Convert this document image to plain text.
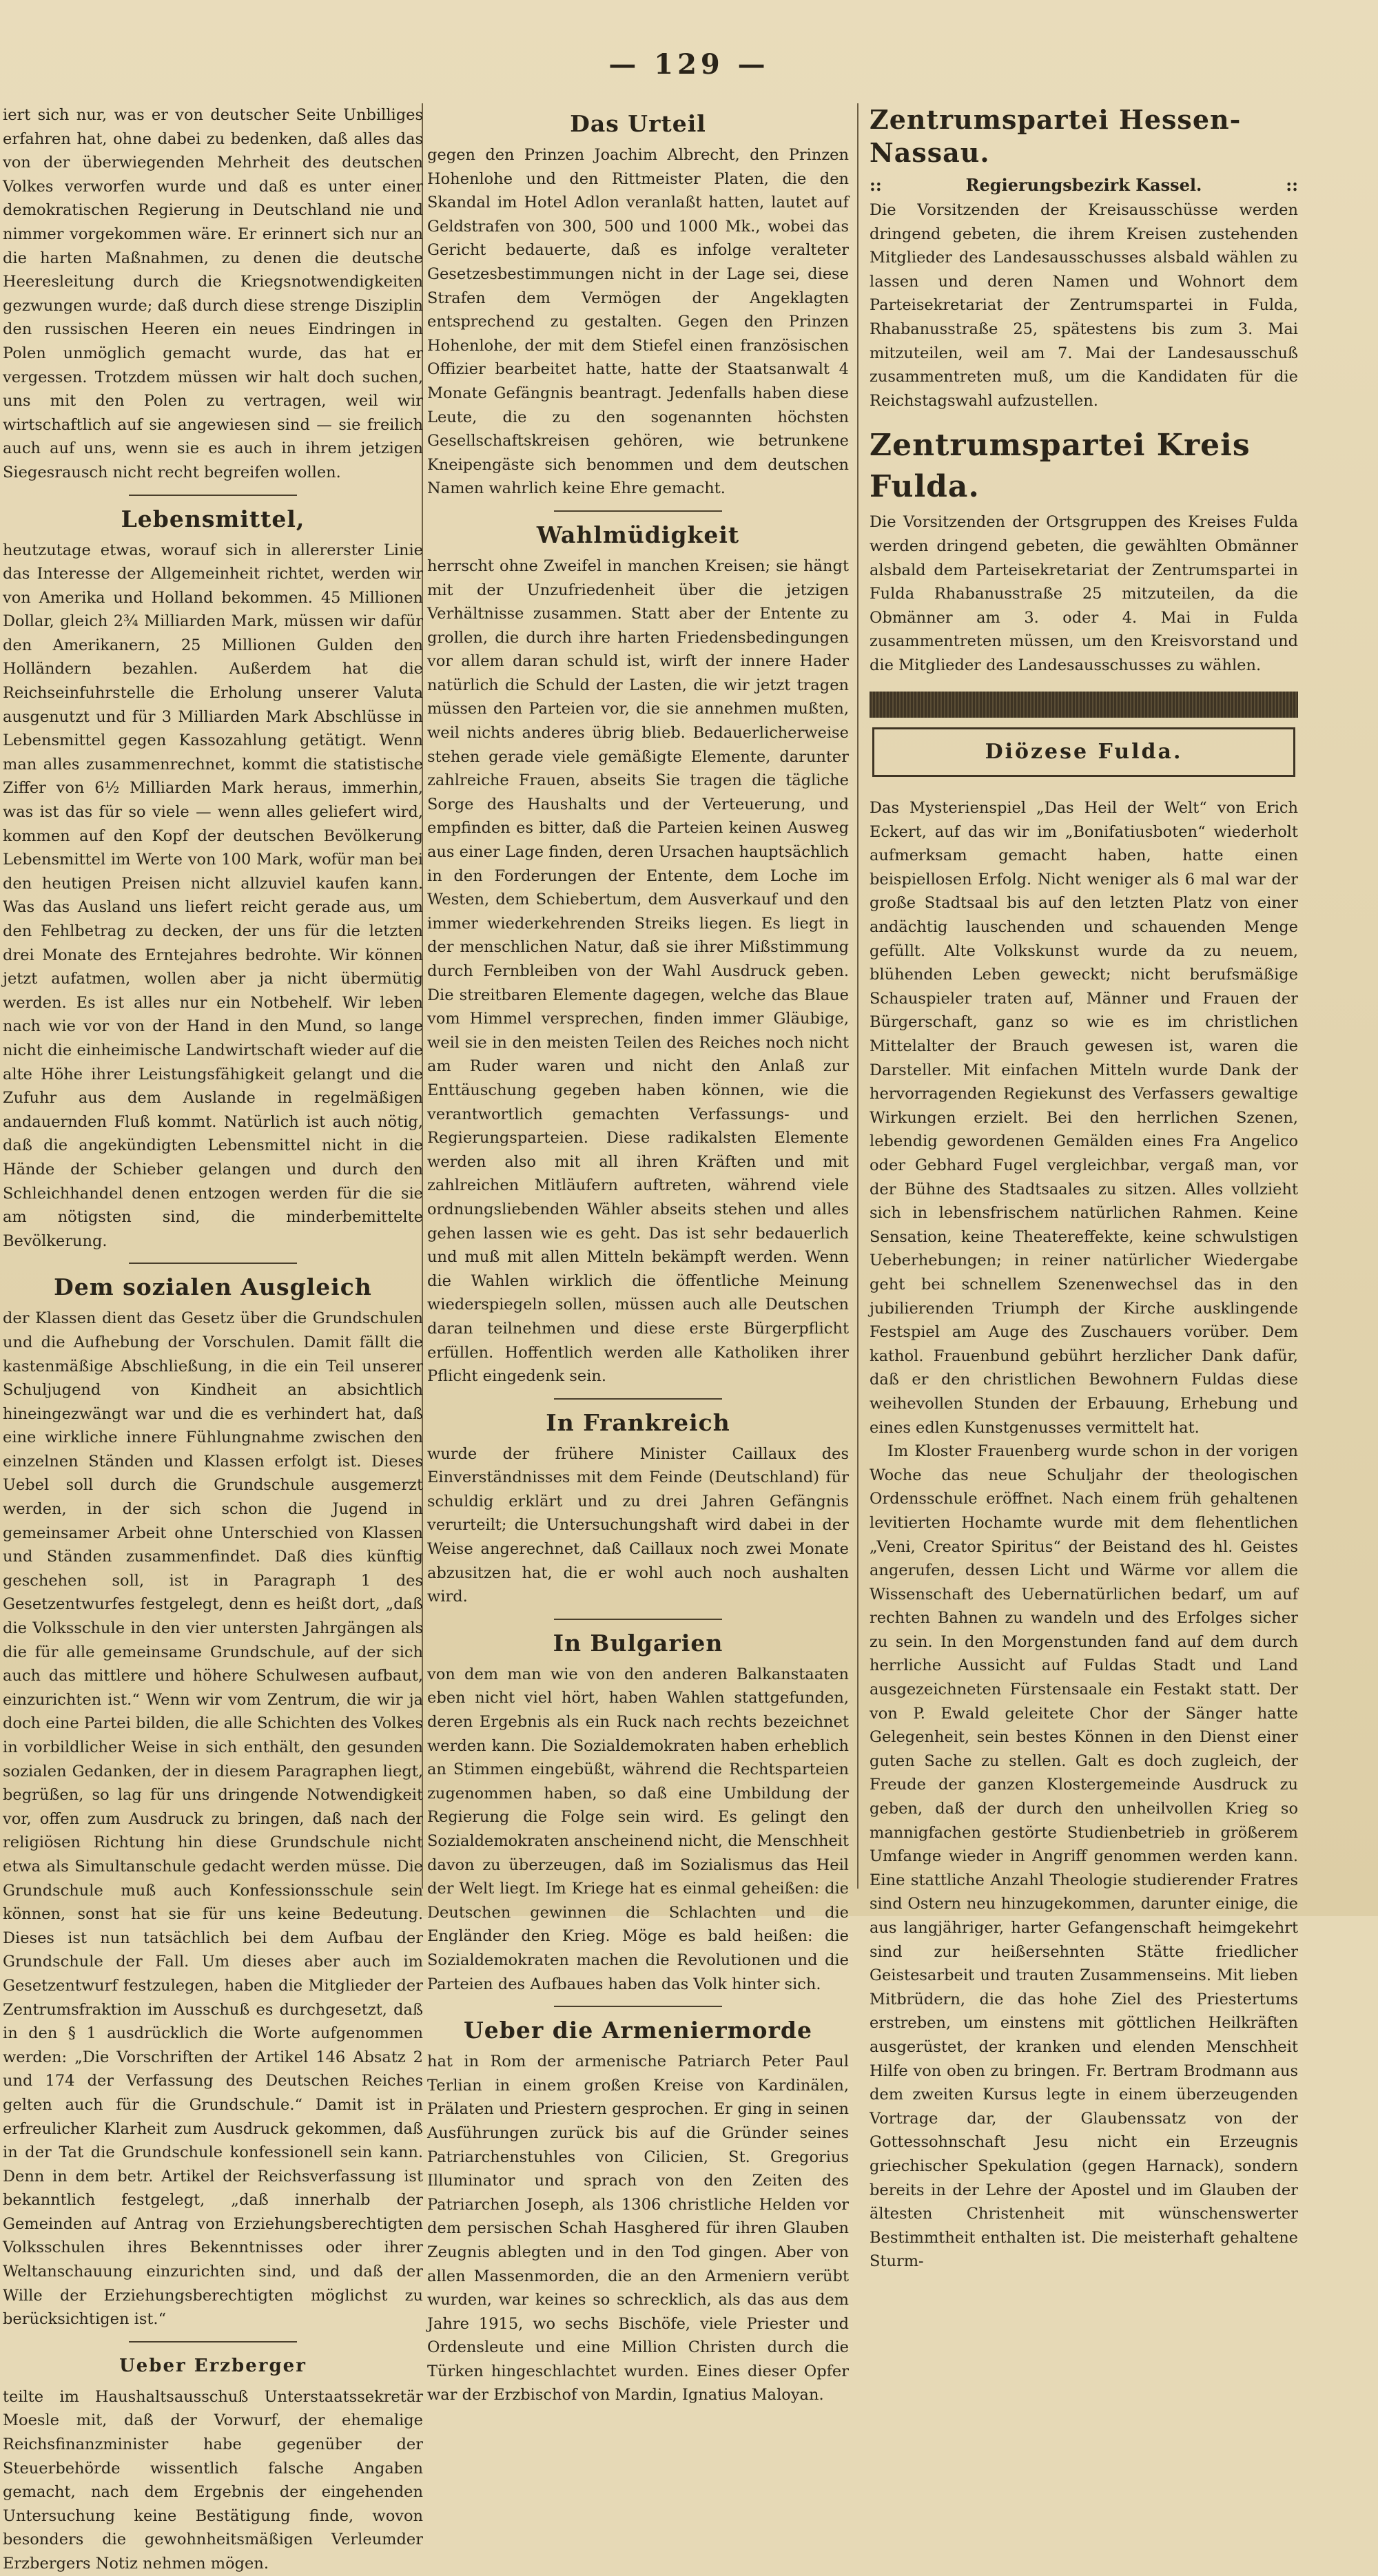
— 129 —

iert sich nur, was er von deutscher Seite Unbilliges erfahren hat, ohne dabei zu bedenken, daß alles das von der überwiegenden Mehrheit des deutschen Volkes verworfen wurde und daß es unter einer demokratischen Regierung in Deutschland nie und nimmer vorgekommen wäre. Er erinnert sich nur an die harten Maßnahmen, zu denen die deutsche Heeresleitung durch die Kriegsnotwendigkeiten gezwungen wurde; daß durch diese strenge Disziplin den russischen Heeren ein neues Eindringen in Polen unmöglich gemacht wurde, das hat er vergessen. Trotzdem müssen wir halt doch suchen, uns mit den Polen zu vertragen, weil wir wirtschaftlich auf sie angewiesen sind — sie freilich auch auf uns, wenn sie es auch in ihrem jetzigen Siegesrausch nicht recht begreifen wollen.

Lebensmittel,

heutzutage etwas, worauf sich in allererster Linie das Interesse der Allgemeinheit richtet, werden wir von Amerika und Holland bekommen. 45 Millionen Dollar, gleich 2¾ Milliarden Mark, müssen wir dafür den Amerikanern, 25 Millionen Gulden den Holländern bezahlen. Außerdem hat die Reichseinfuhrstelle die Erholung unserer Valuta ausgenutzt und für 3 Milliarden Mark Abschlüsse in Lebensmittel gegen Kassozahlung getätigt. Wenn man alles zusammenrechnet, kommt die statistische Ziffer von 6½ Milliarden Mark heraus, immerhin, was ist das für so viele — wenn alles geliefert wird, kommen auf den Kopf der deutschen Bevölkerung Lebensmittel im Werte von 100 Mark, wofür man bei den heutigen Preisen nicht allzuviel kaufen kann. Was das Ausland uns liefert reicht gerade aus, um den Fehlbetrag zu decken, der uns für die letzten drei Monate des Erntejahres bedrohte. Wir können jetzt aufatmen, wollen aber ja nicht übermütig werden. Es ist alles nur ein Notbehelf. Wir leben nach wie vor von der Hand in den Mund, so lange nicht die einheimische Landwirtschaft wieder auf die alte Höhe ihrer Leistungsfähigkeit gelangt und die Zufuhr aus dem Auslande in regelmäßigen andauernden Fluß kommt. Natürlich ist auch nötig, daß die angekündigten Lebensmittel nicht in die Hände der Schieber gelangen und durch den Schleichhandel denen entzogen werden für die sie am nötigsten sind, die minderbemittelte Bevölkerung.

Dem sozialen Ausgleich

der Klassen dient das Gesetz über die Grundschulen und die Aufhebung der Vorschulen. Damit fällt die kastenmäßige Abschließung, in die ein Teil unserer Schuljugend von Kindheit an absichtlich hineingezwängt war und die es verhindert hat, daß eine wirkliche innere Fühlungnahme zwischen den einzelnen Ständen und Klassen erfolgt ist. Dieses Uebel soll durch die Grundschule ausgemerzt werden, in der sich schon die Jugend in gemeinsamer Arbeit ohne Unterschied von Klassen und Ständen zusammenfindet. Daß dies künftig geschehen soll, ist in Paragraph 1 des Gesetzentwurfes festgelegt, denn es heißt dort, „daß die Volksschule in den vier untersten Jahrgängen als die für alle gemeinsame Grundschule, auf der sich auch das mittlere und höhere Schulwesen aufbaut, einzurichten ist.“ Wenn wir vom Zentrum, die wir ja doch eine Partei bilden, die alle Schichten des Volkes in vorbildlicher Weise in sich enthält, den gesunden sozialen Gedanken, der in diesem Paragraphen liegt, begrüßen, so lag für uns dringende Notwendigkeit vor, offen zum Ausdruck zu bringen, daß nach der religiösen Richtung hin diese Grundschule nicht etwa als Simultanschule gedacht werden müsse. Die Grundschule muß auch Konfessionsschule sein können, sonst hat sie für uns keine Bedeutung. Dieses ist nun tatsächlich bei dem Aufbau der Grundschule der Fall. Um dieses aber auch im Gesetzentwurf festzulegen, haben die Mitglieder der Zentrumsfraktion im Ausschuß es durchgesetzt, daß in den § 1 ausdrücklich die Worte aufgenommen werden: „Die Vorschriften der Artikel 146 Absatz 2 und 174 der Verfassung des Deutschen Reiches gelten auch für die Grundschule.“ Damit ist in erfreulicher Klarheit zum Ausdruck gekommen, daß in der Tat die Grundschule konfessionell sein kann. Denn in dem betr. Artikel der Reichsverfassung ist bekanntlich festgelegt, „daß innerhalb der Gemeinden auf Antrag von Erziehungsberechtigten Volksschulen ihres Bekenntnisses oder ihrer Weltanschauung einzurichten sind, und daß der Wille der Erziehungsberechtigten möglichst zu berücksichtigen ist.“

Ueber Erzberger

teilte im Haushaltsausschuß Unterstaatssekretär Moesle mit, daß der Vorwurf, der ehemalige Reichsfinanzminister habe gegenüber der Steuerbehörde wissentlich falsche Angaben gemacht, nach dem Ergebnis der eingehenden Untersuchung keine Bestätigung finde, wovon besonders die gewohnheitsmäßigen Verleumder Erzbergers Notiz nehmen mögen.

Das Urteil

gegen den Prinzen Joachim Albrecht, den Prinzen Hohenlohe und den Rittmeister Platen, die den Skandal im Hotel Adlon veranlaßt hatten, lautet auf Geldstrafen von 300, 500 und 1000 Mk., wobei das Gericht bedauerte, daß es infolge veralteter Gesetzesbestimmungen nicht in der Lage sei, diese Strafen dem Vermögen der Angeklagten entsprechend zu gestalten. Gegen den Prinzen Hohenlohe, der mit dem Stiefel einen französischen Offizier bearbeitet hatte, hatte der Staatsanwalt 4 Monate Gefängnis beantragt. Jedenfalls haben diese Leute, die zu den sogenannten höchsten Gesellschaftskreisen gehören, wie betrunkene Kneipengäste sich benommen und dem deutschen Namen wahrlich keine Ehre gemacht.

Wahlmüdigkeit

herrscht ohne Zweifel in manchen Kreisen; sie hängt mit der Unzufriedenheit über die jetzigen Verhältnisse zusammen. Statt aber der Entente zu grollen, die durch ihre harten Friedensbedingungen vor allem daran schuld ist, wirft der innere Hader natürlich die Schuld der Lasten, die wir jetzt tragen müssen den Parteien vor, die sie annehmen mußten, weil nichts anderes übrig blieb. Bedauerlicherweise stehen gerade viele gemäßigte Elemente, darunter zahlreiche Frauen, abseits Sie tragen die tägliche Sorge des Haushalts und der Verteuerung, und empfinden es bitter, daß die Parteien keinen Ausweg aus einer Lage finden, deren Ursachen hauptsächlich in den Forderungen der Entente, dem Loche im Westen, dem Schiebertum, dem Ausverkauf und den immer wiederkehrenden Streiks liegen. Es liegt in der menschlichen Natur, daß sie ihrer Mißstimmung durch Fernbleiben von der Wahl Ausdruck geben. Die streitbaren Elemente dagegen, welche das Blaue vom Himmel versprechen, finden immer Gläubige, weil sie in den meisten Teilen des Reiches noch nicht am Ruder waren und nicht den Anlaß zur Enttäuschung gegeben haben können, wie die verantwortlich gemachten Verfassungs- und Regierungsparteien. Diese radikalsten Elemente werden also mit all ihren Kräften und mit zahlreichen Mitläufern auftreten, während viele ordnungsliebenden Wähler abseits stehen und alles gehen lassen wie es geht. Das ist sehr bedauerlich und muß mit allen Mitteln bekämpft werden. Wenn die Wahlen wirklich die öffentliche Meinung wiederspiegeln sollen, müssen auch alle Deutschen daran teilnehmen und diese erste Bürgerpflicht erfüllen. Hoffentlich werden alle Katholiken ihrer Pflicht eingedenk sein.

In Frankreich

wurde der frühere Minister Caillaux des Einverständnisses mit dem Feinde (Deutschland) für schuldig erklärt und zu drei Jahren Gefängnis verurteilt; die Untersuchungshaft wird dabei in der Weise angerechnet, daß Caillaux noch zwei Monate abzusitzen hat, die er wohl auch noch aushalten wird.

In Bulgarien

von dem man wie von den anderen Balkanstaaten eben nicht viel hört, haben Wahlen stattgefunden, deren Ergebnis als ein Ruck nach rechts bezeichnet werden kann. Die Sozialdemokraten haben erheblich an Stimmen eingebüßt, während die Rechtsparteien zugenommen haben, so daß eine Umbildung der Regierung die Folge sein wird. Es gelingt den Sozialdemokraten anscheinend nicht, die Menschheit davon zu überzeugen, daß im Sozialismus das Heil der Welt liegt. Im Kriege hat es einmal geheißen: die Deutschen gewinnen die Schlachten und die Engländer den Krieg. Möge es bald heißen: die Sozialdemokraten machen die Revolutionen und die Parteien des Aufbaues haben das Volk hinter sich.

Ueber die Armeniermorde

hat in Rom der armenische Patriarch Peter Paul Terlian in einem großen Kreise von Kardinälen, Prälaten und Priestern gesprochen. Er ging in seinen Ausführungen zurück bis auf die Gründer seines Patriarchenstuhles von Cilicien, St. Gregorius Illuminator und sprach von den Zeiten des Patriarchen Joseph, als 1306 christliche Helden vor dem persischen Schah Hasghered für ihren Glauben Zeugnis ablegten und in den Tod gingen. Aber von allen Massenmorden, die an den Armeniern verübt wurden, war keines so schrecklich, als das aus dem Jahre 1915, wo sechs Bischöfe, viele Priester und Ordensleute und eine Million Christen durch die Türken hingeschlachtet wurden. Eines dieser Opfer war der Erzbischof von Mardin, Ignatius Maloyan.

Zentrumspartei Hessen-Nassau.
::	Regierungsbezirk Kassel.	::

Die Vorsitzenden der Kreisausschüsse werden dringend gebeten, die ihrem Kreisen zustehenden Mitglieder des Landesausschusses alsbald wählen zu lassen und deren Namen und Wohnort dem Parteisekretariat der Zentrumspartei in Fulda, Rhabanusstraße 25, spätestens bis zum 3. Mai mitzuteilen, weil am 7. Mai der Landesausschuß zusammentreten muß, um die Kandidaten für die Reichstagswahl aufzustellen.

Zentrumspartei Kreis Fulda.

Die Vorsitzenden der Ortsgruppen des Kreises Fulda werden dringend gebeten, die gewählten Obmänner alsbald dem Parteisekretariat der Zentrumspartei in Fulda Rhabanusstraße 25 mitzuteilen, da die Obmänner am 3. oder 4. Mai in Fulda zusammentreten müssen, um den Kreisvorstand und die Mitglieder des Landesausschusses zu wählen.

Diözese Fulda.

Das Mysterienspiel „Das Heil der Welt“ von Erich Eckert, auf das wir im „Bonifatiusboten“ wiederholt aufmerksam gemacht haben, hatte einen beispiellosen Erfolg. Nicht weniger als 6 mal war der große Stadtsaal bis auf den letzten Platz von einer andächtig lauschenden und schauenden Menge gefüllt. Alte Volkskunst wurde da zu neuem, blühenden Leben geweckt; nicht berufsmäßige Schauspieler traten auf, Männer und Frauen der Bürgerschaft, ganz so wie es im christlichen Mittelalter der Brauch gewesen ist, waren die Darsteller. Mit einfachen Mitteln wurde Dank der hervorragenden Regiekunst des Verfassers gewaltige Wirkungen erzielt. Bei den herrlichen Szenen, lebendig gewordenen Gemälden eines Fra Angelico oder Gebhard Fugel vergleichbar, vergaß man, vor der Bühne des Stadtsaales zu sitzen. Alles vollzieht sich in lebensfrischem natürlichen Rahmen. Keine Sensation, keine Theatereffekte, keine schwulstigen Ueberhebungen; in reiner natürlicher Wiedergabe geht bei schnellem Szenenwechsel das in den jubilierenden Triumph der Kirche ausklingende Festspiel am Auge des Zuschauers vorüber. Dem kathol. Frauenbund gebührt herzlicher Dank dafür, daß er den christlichen Bewohnern Fuldas diese weihevollen Stunden der Erbauung, Erhebung und eines edlen Kunstgenusses vermittelt hat.

Im Kloster Frauenberg wurde schon in der vorigen Woche das neue Schuljahr der theologischen Ordensschule eröffnet. Nach einem früh gehaltenen levitierten Hochamte wurde mit dem flehentlichen „Veni, Creator Spiritus“ der Beistand des hl. Geistes angerufen, dessen Licht und Wärme vor allem die Wissenschaft des Uebernatürlichen bedarf, um auf rechten Bahnen zu wandeln und des Erfolges sicher zu sein. In den Morgenstunden fand auf dem durch herrliche Aussicht auf Fuldas Stadt und Land ausgezeichneten Fürstensaale ein Festakt statt. Der von P. Ewald geleitete Chor der Sänger hatte Gelegenheit, sein bestes Können in den Dienst einer guten Sache zu stellen. Galt es doch zugleich, der Freude der ganzen Klostergemeinde Ausdruck zu geben, daß der durch den unheilvollen Krieg so mannigfachen gestörte Studienbetrieb in größerem Umfange wieder in Angriff genommen werden kann. Eine stattliche Anzahl Theologie studierender Fratres sind Ostern neu hinzugekommen, darunter einige, die aus langjähriger, harter Gefangenschaft heimgekehrt sind zur heißersehnten Stätte friedlicher Geistesarbeit und trauten Zusammenseins. Mit lieben Mitbrüdern, die das hohe Ziel des Priestertums erstreben, um einstens mit göttlichen Heilkräften ausgerüstet, der kranken und elenden Menschheit Hilfe von oben zu bringen. Fr. Bertram Brodmann aus dem zweiten Kursus legte in einem überzeugenden Vortrage dar, der Glaubenssatz von der Gottessohnschaft Jesu nicht ein Erzeugnis griechischer Spekulation (gegen Harnack), sondern bereits in der Lehre der Apostel und im Glauben der ältesten Christenheit mit wünschenswerter Bestimmtheit enthalten ist. Die meisterhaft gehaltene Sturm-
